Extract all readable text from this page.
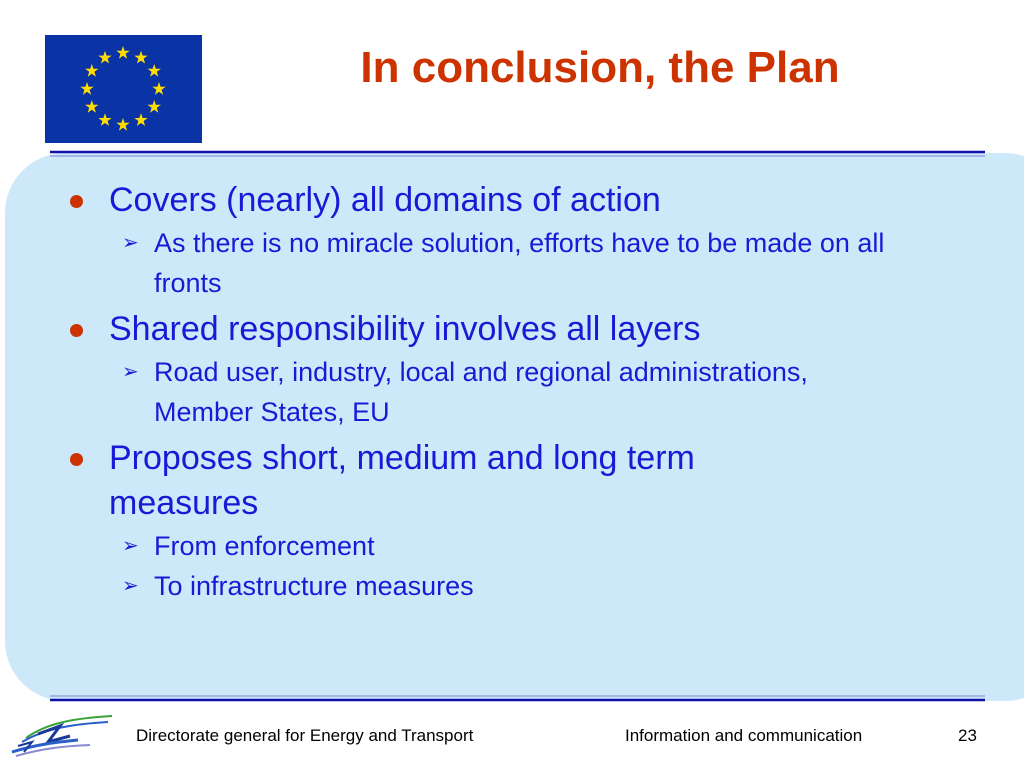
In conclusion, the Plan
Covers (nearly) all domains of action
➢ As there is no miracle solution, efforts have to be made on all fronts
Shared responsibility involves all layers
➢ Road user, industry, local and regional administrations, Member States, EU
Proposes short, medium and long term measures
➢ From enforcement
➢ To infrastructure measures
Directorate general for Energy and Transport	Information and communication	23
